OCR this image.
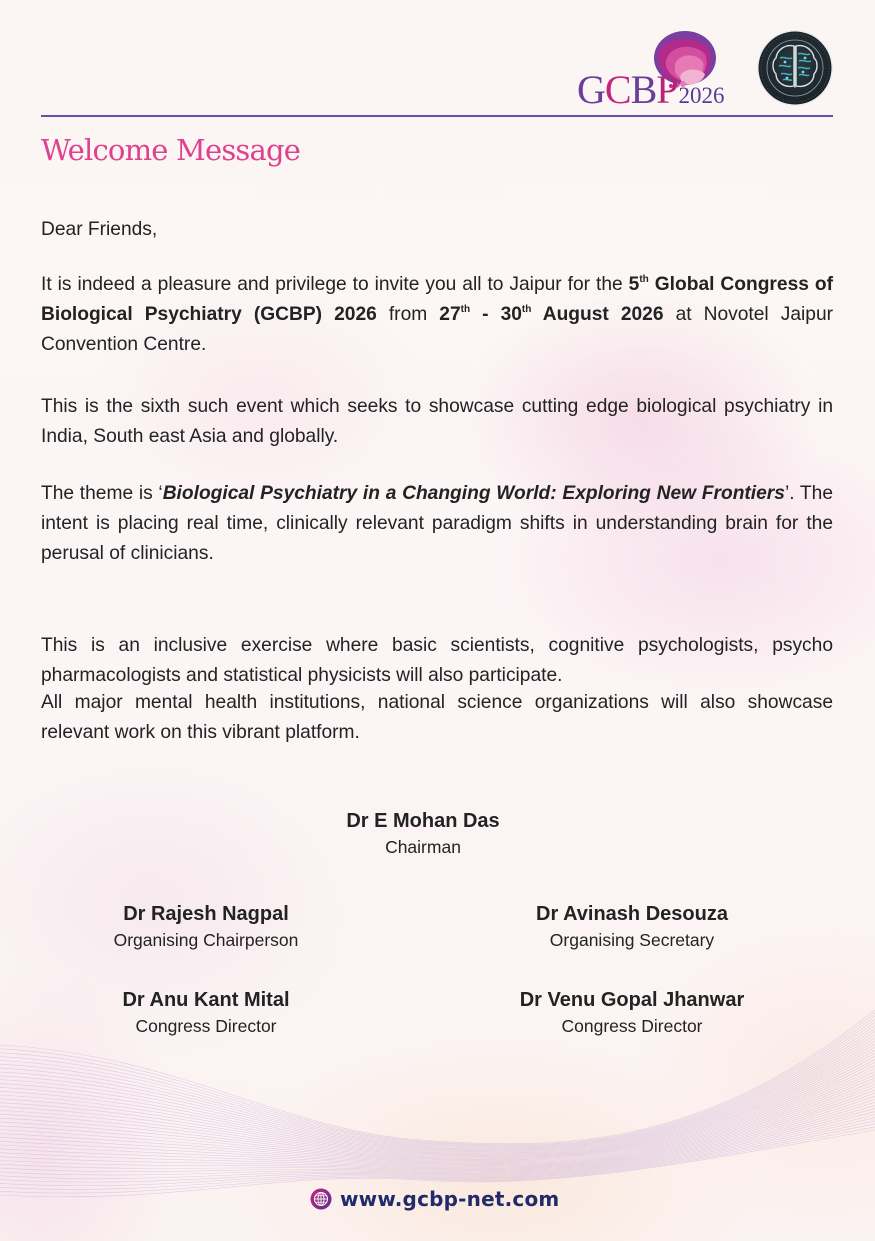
GCBP2026
Welcome Message

Dear Friends,

It is indeed a pleasure and privilege to invite you all to Jaipur for the 5th Global Congress of Biological Psychiatry (GCBP) 2026 from 27th - 30th August 2026 at Novotel Jaipur Convention Centre.

This is the sixth such event which seeks to showcase cutting edge biological psychiatry in India, South east Asia and globally.

The theme is ‘Biological Psychiatry in a Changing World: Exploring New Frontiers’. The intent is placing real time, clinically relevant paradigm shifts in understanding brain for the perusal of clinicians.

This is an inclusive exercise where basic scientists, cognitive psychologists, psycho pharmacologists and statistical physicists will also participate.

All major mental health institutions, national science organizations will also showcase relevant work on this vibrant platform.

Dr E Mohan Das
Chairman
Dr Rajesh Nagpal
Organising Chairperson
Dr Avinash Desouza
Organising Secretary
Dr Anu Kant Mital
Congress Director
Dr Venu Gopal Jhanwar
Congress Director
www.gcbp-net.com
